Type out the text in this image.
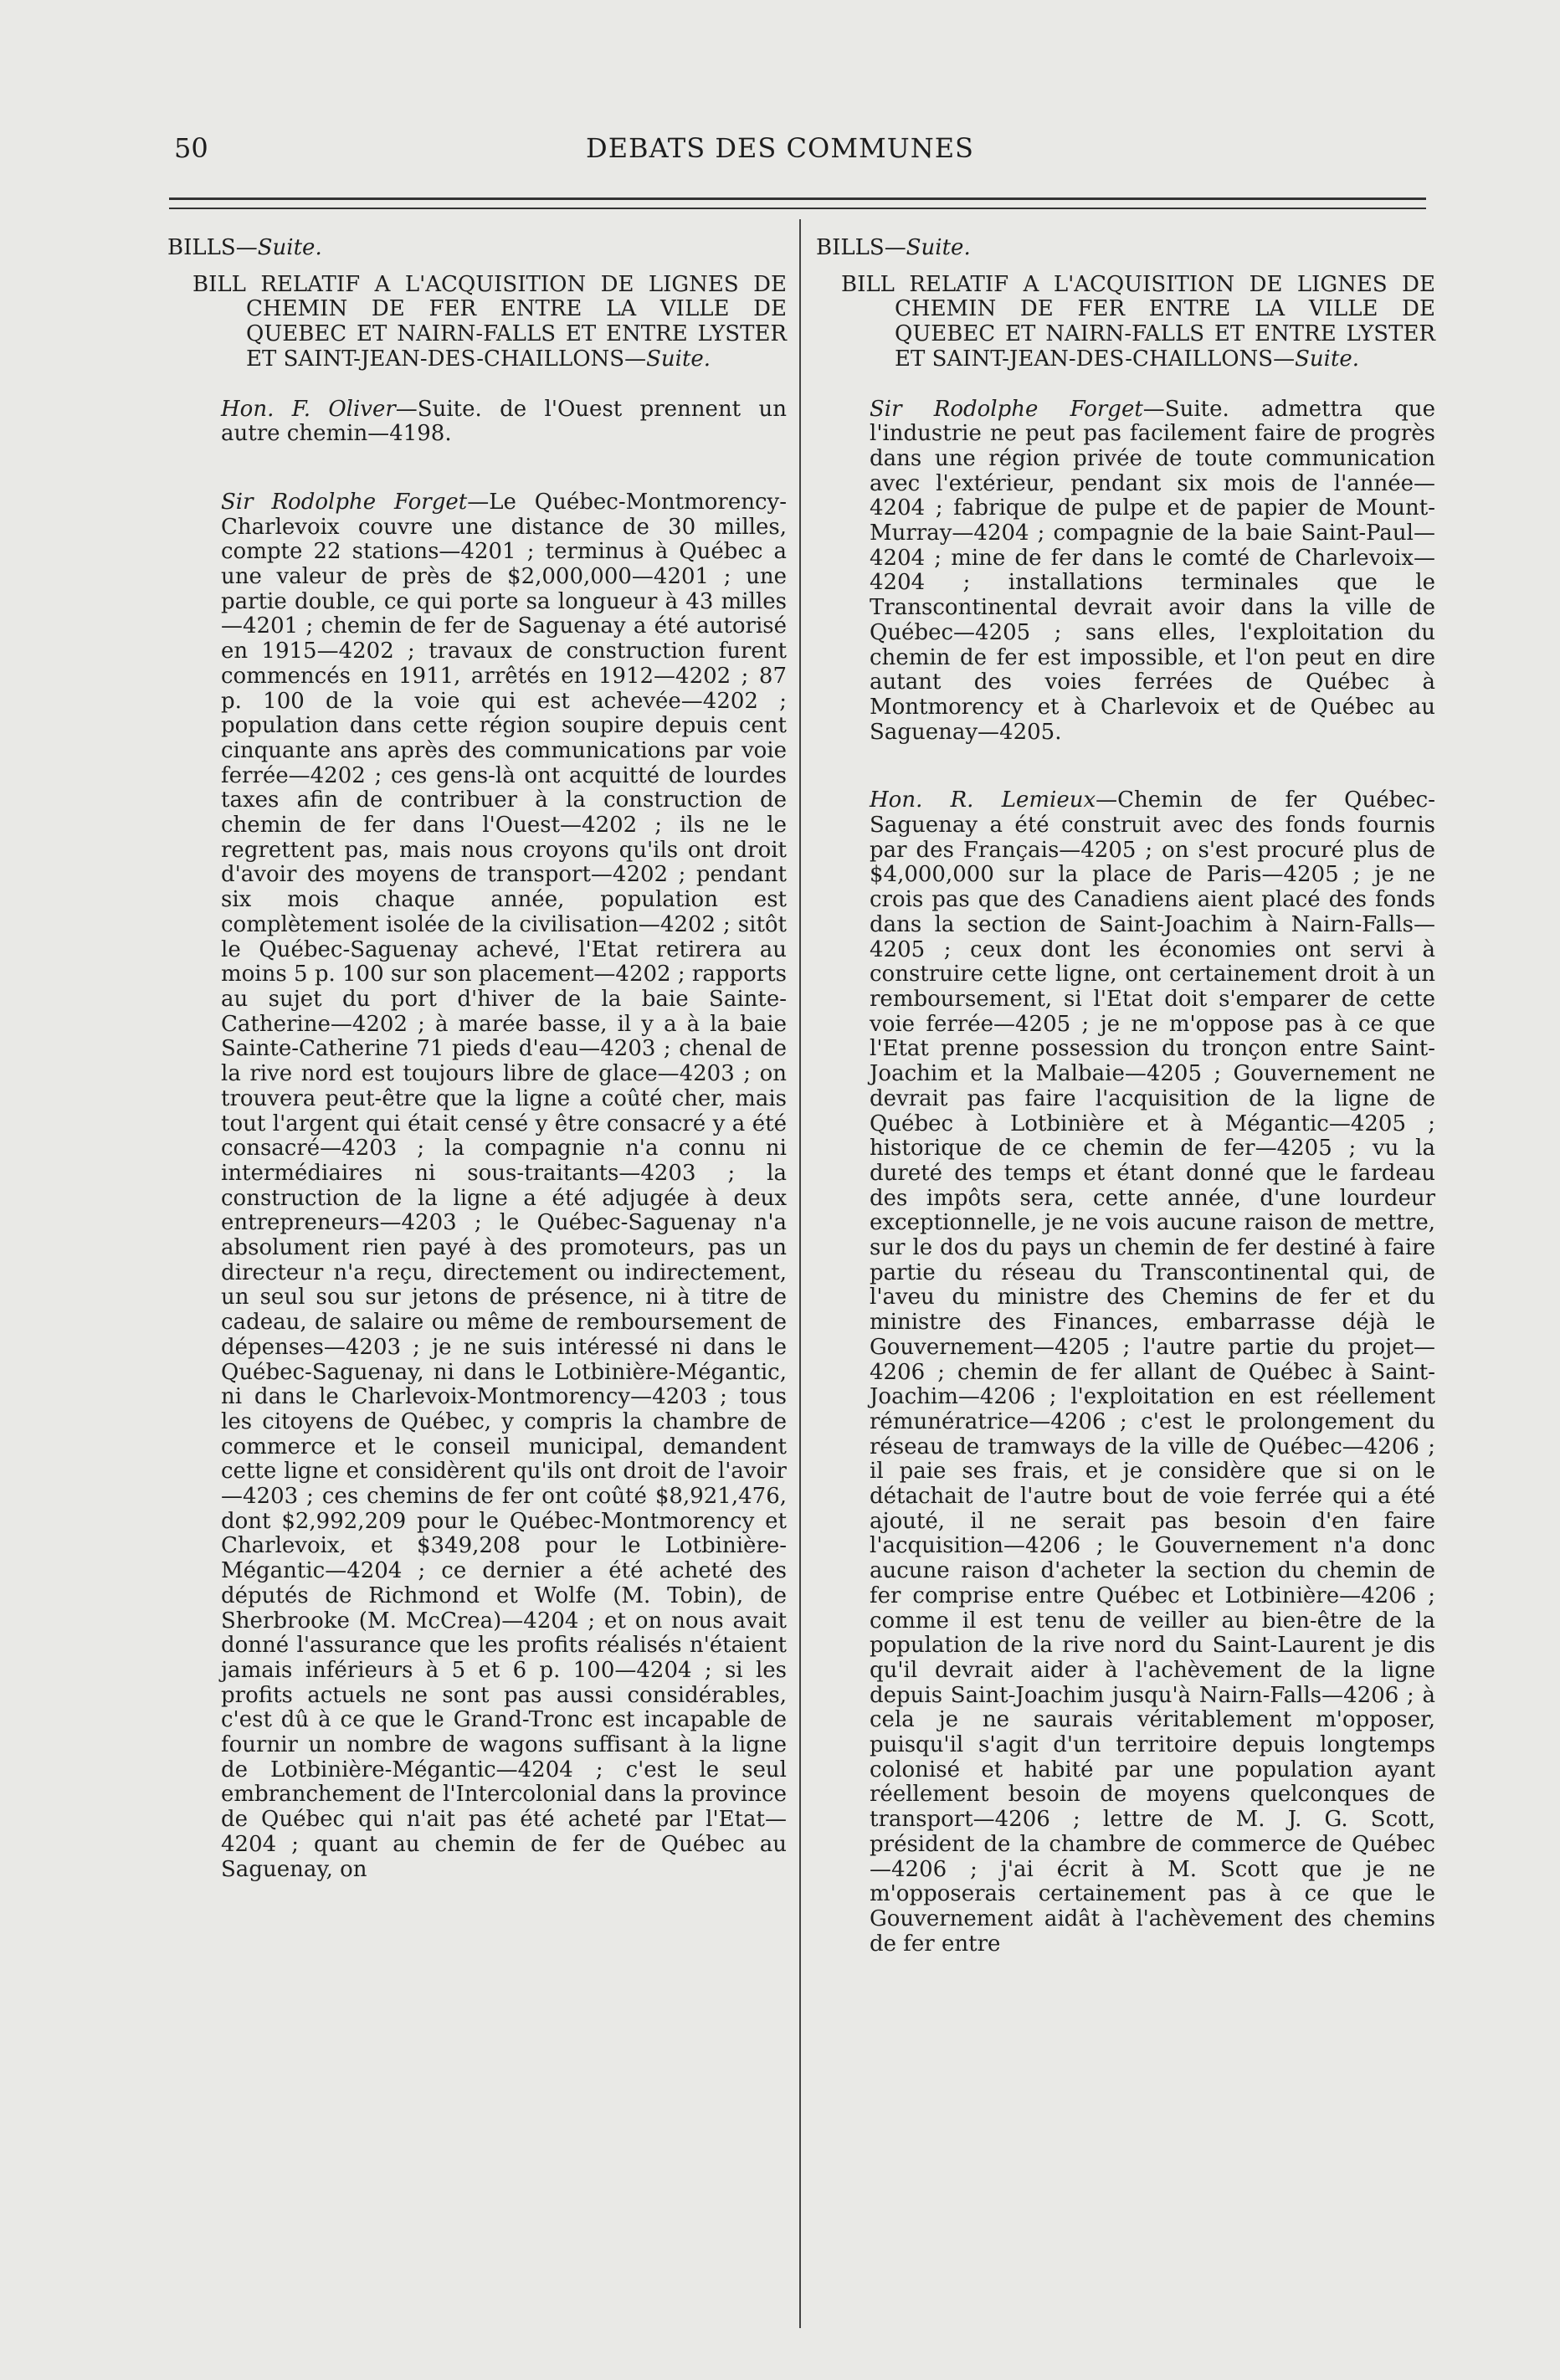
50	DEBATS DES COMMUNES

BILLS—Suite.

BILL RELATIF A L'ACQUISITION DE LIGNES DE CHEMIN DE FER ENTRE LA VILLE DE QUEBEC ET NAIRN-FALLS ET ENTRE LYSTER ET SAINT-JEAN-DES-CHAILLONS—Suite.

Hon. F. Oliver—Suite. de l'Ouest prennent un autre chemin—4198.

Sir Rodolphe Forget—Le Québec-Montmorency-Charlevoix couvre une distance de 30 milles, compte 22 stations—4201 ; terminus à Québec a une valeur de près de $2,000,000—4201 ; une partie double, ce qui porte sa longueur à 43 milles—4201 ; chemin de fer de Saguenay a été autorisé en 1915—4202 ; travaux de construction furent commencés en 1911, arrêtés en 1912—4202 ; 87 p. 100 de la voie qui est achevée—4202 ; population dans cette région soupire depuis cent cinquante ans après des communications par voie ferrée—4202 ; ces gens-là ont acquitté de lourdes taxes afin de contribuer à la construction de chemin de fer dans l'Ouest—4202 ; ils ne le regrettent pas, mais nous croyons qu'ils ont droit d'avoir des moyens de transport—4202 ; pendant six mois chaque année, population est complètement isolée de la civilisation—4202 ; sitôt le Québec-Saguenay achevé, l'Etat retirera au moins 5 p. 100 sur son placement—4202 ; rapports au sujet du port d'hiver de la baie Sainte-Catherine—4202 ; à marée basse, il y a à la baie Sainte-Catherine 71 pieds d'eau—4203 ; chenal de la rive nord est toujours libre de glace—4203 ; on trouvera peut-être que la ligne a coûté cher, mais tout l'argent qui était censé y être consacré y a été consacré—4203 ; la compagnie n'a connu ni intermédiaires ni sous-traitants—4203 ; la construction de la ligne a été adjugée à deux entrepreneurs—4203 ; le Québec-Saguenay n'a absolument rien payé à des promoteurs, pas un directeur n'a reçu, directement ou indirectement, un seul sou sur jetons de présence, ni à titre de cadeau, de salaire ou même de remboursement de dépenses—4203 ; je ne suis intéressé ni dans le Québec-Saguenay, ni dans le Lotbinière-Mégantic, ni dans le Charlevoix-Montmorency—4203 ; tous les citoyens de Québec, y compris la chambre de commerce et le conseil municipal, demandent cette ligne et considèrent qu'ils ont droit de l'avoir—4203 ; ces chemins de fer ont coûté $8,921,476, dont $2,992,209 pour le Québec-Montmorency et Charlevoix, et $349,208 pour le Lotbinière-Mégantic—4204 ; ce dernier a été acheté des députés de Richmond et Wolfe (M. Tobin), de Sherbrooke (M. McCrea)—4204 ; et on nous avait donné l'assurance que les profits réalisés n'étaient jamais inférieurs à 5 et 6 p. 100—4204 ; si les profits actuels ne sont pas aussi considérables, c'est dû à ce que le Grand-Tronc est incapable de fournir un nombre de wagons suffisant à la ligne de Lotbinière-Mégantic—4204 ; c'est le seul embranchement de l'Intercolonial dans la province de Québec qui n'ait pas été acheté par l'Etat—4204 ; quant au chemin de fer de Québec au Saguenay, on

BILLS—Suite.

BILL RELATIF A L'ACQUISITION DE LIGNES DE CHEMIN DE FER ENTRE LA VILLE DE QUEBEC ET NAIRN-FALLS ET ENTRE LYSTER ET SAINT-JEAN-DES-CHAILLONS—Suite.

Sir Rodolphe Forget—Suite. admettra que l'industrie ne peut pas facilement faire de progrès dans une région privée de toute communication avec l'extérieur, pendant six mois de l'année—4204 ; fabrique de pulpe et de papier de Mount-Murray—4204 ; compagnie de la baie Saint-Paul—4204 ; mine de fer dans le comté de Charlevoix—4204 ; installations terminales que le Transcontinental devrait avoir dans la ville de Québec—4205 ; sans elles, l'exploitation du chemin de fer est impossible, et l'on peut en dire autant des voies ferrées de Québec à Montmorency et à Charlevoix et de Québec au Saguenay—4205.

Hon. R. Lemieux—Chemin de fer Québec-Saguenay a été construit avec des fonds fournis par des Français—4205 ; on s'est procuré plus de $4,000,000 sur la place de Paris—4205 ; je ne crois pas que des Canadiens aient placé des fonds dans la section de Saint-Joachim à Nairn-Falls—4205 ; ceux dont les économies ont servi à construire cette ligne, ont certainement droit à un remboursement, si l'Etat doit s'emparer de cette voie ferrée—4205 ; je ne m'oppose pas à ce que l'Etat prenne possession du tronçon entre Saint-Joachim et la Malbaie—4205 ; Gouvernement ne devrait pas faire l'acquisition de la ligne de Québec à Lotbinière et à Mégantic—4205 ; historique de ce chemin de fer—4205 ; vu la dureté des temps et étant donné que le fardeau des impôts sera, cette année, d'une lourdeur exceptionnelle, je ne vois aucune raison de mettre, sur le dos du pays un chemin de fer destiné à faire partie du réseau du Transcontinental qui, de l'aveu du ministre des Chemins de fer et du ministre des Finances, embarrasse déjà le Gouvernement—4205 ; l'autre partie du projet—4206 ; chemin de fer allant de Québec à Saint-Joachim—4206 ; l'exploitation en est réellement rémunératrice—4206 ; c'est le prolongement du réseau de tramways de la ville de Québec—4206 ; il paie ses frais, et je considère que si on le détachait de l'autre bout de voie ferrée qui a été ajouté, il ne serait pas besoin d'en faire l'acquisition—4206 ; le Gouvernement n'a donc aucune raison d'acheter la section du chemin de fer comprise entre Québec et Lotbinière—4206 ; comme il est tenu de veiller au bien-être de la population de la rive nord du Saint-Laurent je dis qu'il devrait aider à l'achèvement de la ligne depuis Saint-Joachim jusqu'à Nairn-Falls—4206 ; à cela je ne saurais véritablement m'opposer, puisqu'il s'agit d'un territoire depuis longtemps colonisé et habité par une population ayant réellement besoin de moyens quelconques de transport—4206 ; lettre de M. J. G. Scott, président de la chambre de commerce de Québec—4206 ; j'ai écrit à M. Scott que je ne m'opposerais certainement pas à ce que le Gouvernement aidât à l'achèvement des chemins de fer entre
